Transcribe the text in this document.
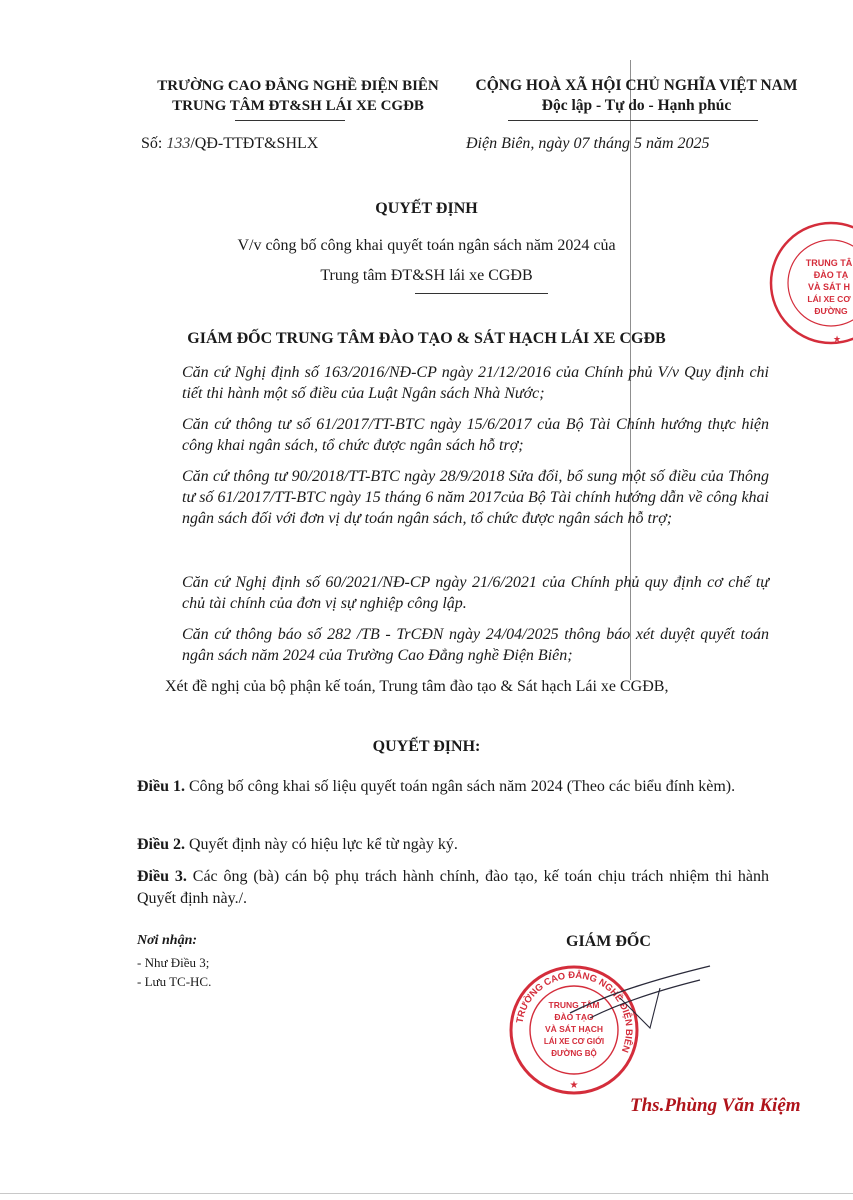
TRƯỜNG CAO ĐẲNG NGHỀ ĐIỆN BIÊN
TRUNG TÂM ĐT&SH LÁI XE CGĐB
CỘNG HOÀ XÃ HỘI CHỦ NGHĨA VIỆT NAM
Độc lập - Tự do - Hạnh phúc
Số: 133/QĐ-TTĐT&SHLX	Điện Biên, ngày 07 tháng 5 năm 2025
QUYẾT ĐỊNH
V/v công bố công khai quyết toán ngân sách năm 2024 của
Trung tâm ĐT&SH lái xe CGĐB
GIÁM ĐỐC TRUNG TÂM ĐÀO TẠO & SÁT HẠCH LÁI XE CGĐB
Căn cứ Nghị định số 163/2016/NĐ-CP ngày 21/12/2016 của Chính phủ V/v Quy định chi tiết thi hành một số điều của Luật Ngân sách Nhà Nước;
Căn cứ thông tư số 61/2017/TT-BTC ngày 15/6/2017 của Bộ Tài Chính hướng thực hiện công khai ngân sách, tổ chức được ngân sách hỗ trợ;
Căn cứ thông tư 90/2018/TT-BTC ngày 28/9/2018 Sửa đổi, bổ sung một số điều của Thông tư số 61/2017/TT-BTC ngày 15 tháng 6 năm 2017của Bộ Tài chính hướng dẫn về công khai ngân sách đối với đơn vị dự toán ngân sách, tổ chức được ngân sách hỗ trợ;
Căn cứ Nghị định số 60/2021/NĐ-CP ngày 21/6/2021 của Chính phủ quy định cơ chế tự chủ tài chính của đơn vị sự nghiệp công lập.
Căn cứ thông báo số 282 /TB - TrCĐN ngày 24/04/2025 thông báo xét duyệt quyết toán ngân sách năm 2024 của Trường Cao Đẳng nghề Điện Biên;
Xét đề nghị của bộ phận kế toán, Trung tâm đào tạo & Sát hạch Lái xe CGĐB,
QUYẾT ĐỊNH:
Điều 1. Công bố công khai số liệu quyết toán ngân sách năm 2024 (Theo các biểu đính kèm).
Điều 2. Quyết định này có hiệu lực kể từ ngày ký.
Điều 3. Các ông (bà) cán bộ phụ trách hành chính, đào tạo, kế toán chịu trách nhiệm thi hành Quyết định này./.
Nơi nhận:
- Như Điều 3;
- Lưu TC-HC.
GIÁM ĐỐC
TRƯỜNG CAO ĐẲNG NGHỀ ĐIỆN BIÊN
TRUNG TÂM
ĐÀO TẠO
VÀ SÁT HẠCH
LÁI XE CƠ GIỚI
ĐƯỜNG BỘ
★
Ths.Phùng Văn Kiệm
TRUNG TÂ
ĐÀO TẠ
VÀ SÁT H
LÁI XE CƠ
ĐƯỜNG
★
